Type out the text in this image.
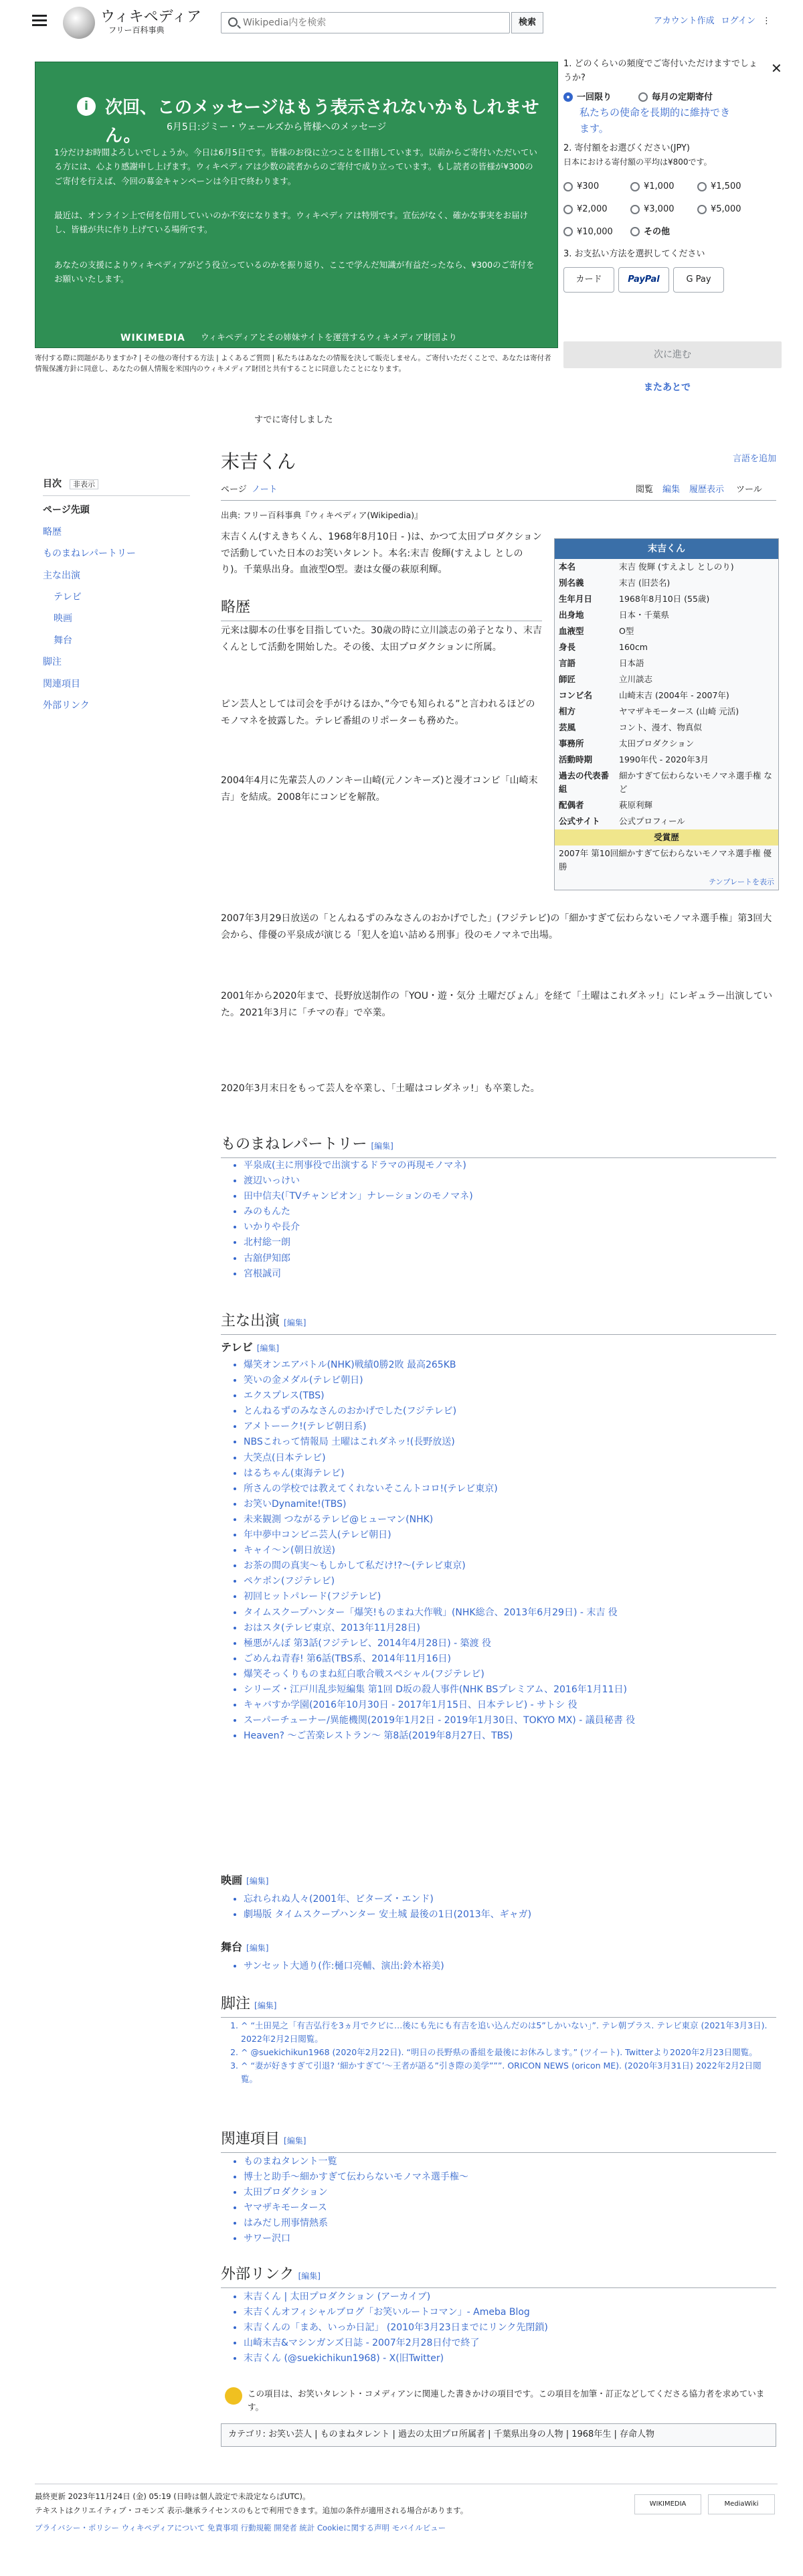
ウィキペディア
フリー百科事典
Wikipedia内を検索
検索	アカウント作成 ログイン ⋮
i 次回、このメッセージはもう表示されないかもしれません。	6月5日:ジミー・ウェールズから皆様へのメッセージ
1分だけお時間よろしいでしょうか。今日は6月5日です。皆様のお役に立つことを目指しています。以前からご寄付いただいている方には、心より感謝申し上げます。ウィキペディアは少数の読者からのご寄付で成り立っています。もし読者の皆様が¥300のご寄付を行えば、今回の募金キャンペーンは今日で終わります。
最近は、オンライン上で何を信用していいのか不安になります。ウィキペディアは特別です。宣伝がなく、確かな事実をお届けし、皆様が共に作り上げている場所です。
あなたの支援によりウィキペディアがどう役立っているのかを振り返り、ここで学んだ知識が有益だったなら、¥300のご寄付をお願いいたします。
WIKIMEDIA ウィキペディアとその姉妹サイトを運営するウィキメディア財団より
✕
1. どのくらいの頻度でご寄付いただけますでしょうか?
一回限り	毎月の定期寄付
私たちの使命を長期的に維持できます。
2. 寄付額をお選びください(JPY)
日本における寄付額の平均は¥800です。
¥300	¥1,000	¥1,500
¥2,000	¥3,000	¥5,000
¥10,000	その他
3. お支払い方法を選択してください
カード	PayPal	G Pay
次に進む
またあとで
寄付する際に問題がありますか? | その他の寄付する方法 | よくあるご質問 | 私たちはあなたの情報を決して販売しません。ご寄付いただくことで、あなたは寄付者情報保護方針に同意し、あなたの個人情報を米国内のウィキメディア財団と共有することに同意したことになります。
すでに寄付しました
目次 非表示
ページ先頭
略歴
ものまねレパートリー
主な出演
テレビ
映画
舞台
脚注
関連項目
外部リンク
末吉くん	言語を追加
ページ ノート	閲覧 編集 履歴表示 ツール
出典: フリー百科事典『ウィキペディア(Wikipedia)』
末吉くん(すえきちくん、1968年8月10日 - )は、かつて太田プロダクションで活動していた日本のお笑いタレント。本名:末吉 俊輝(すえよし としのり)。千葉県出身。血液型O型。妻は女優の萩原利輝。
略歴
元来は脚本の仕事を目指していた。30歳の時に立川談志の弟子となり、末吉くんとして活動を開始した。その後、太田プロダクションに所属。
ピン芸人としては司会を手がけるほか、”今でも知られる”と言われるほどのモノマネを披露した。テレビ番組のリポーターも務めた。
2004年4月に先輩芸人のノンキー山崎(元ノンキーズ)と漫才コンビ「山崎末吉」を結成。2008年にコンビを解散。
2007年3月29日放送の「とんねるずのみなさんのおかげでした」(フジテレビ)の「細かすぎて伝わらないモノマネ選手権」第3回大会から、俳優の平泉成が演じる「犯人を追い詰める刑事」役のモノマネで出場。
2001年から2020年まで、長野放送制作の「YOU・遊・気分 土曜だびょん」を経て「土曜はこれダネッ!」にレギュラー出演していた。2021年3月に「チマの春」で卒業。
2020年3月末日をもって芸人を卒業し、「土曜はコレダネッ!」も卒業した。
末吉くん	
本名	末吉 俊輝 (すえよし としのり)
別名義	末吉 (旧芸名)
生年月日	1968年8月10日 (55歳)
出身地	日本・千葉県
血液型	O型
身長	160cm
言語	日本語
師匠	立川談志
コンビ名	山崎末吉 (2004年 - 2007年)
相方	ヤマザキモータース (山崎 元活)
芸風	コント、漫才、物真似
事務所	太田プロダクション
活動時期	1990年代 - 2020年3月
過去の代表番組	細かすぎて伝わらないモノマネ選手権 など
配偶者	萩原利輝
公式サイト	公式プロフィール
受賞歴	
2007年 第10回細かすぎて伝わらないモノマネ選手権 優勝	
テンプレートを表示	
ものまねレパートリー [編集]
• 平泉成(主に刑事役で出演するドラマの再現モノマネ)
• 渡辺いっけい
• 田中信夫(「TVチャンピオン」ナレーションのモノマネ)
• みのもんた
• いかりや長介
• 北村総一朗
• 古舘伊知郎
• 宮根誠司
主な出演 [編集]
テレビ [編集]
• 爆笑オンエアバトル(NHK)戦績0勝2敗 最高265KB
• 笑いの金メダル(テレビ朝日)
• エクスプレス(TBS)
• とんねるずのみなさんのおかげでした(フジテレビ)
• アメトーーク!(テレビ朝日系)
• NBSこれって情報局 土曜はこれダネッ!(長野放送)
• 大笑点(日本テレビ)
• はるちゃん(東海テレビ)
• 所さんの学校では教えてくれないそこんトコロ!(テレビ東京)
• お笑いDynamite!(TBS)
• 未来観測 つながるテレビ@ヒューマン(NHK)
• 年中夢中コンビニ芸人(テレビ朝日)
• キャイ〜ン(朝日放送)
• お茶の間の真実〜もしかして私だけ!?〜(テレビ東京)
• ペケポン(フジテレビ)
• 初回ヒットパレード(フジテレビ)
• タイムスクープハンター「爆笑!ものまね大作戦」(NHK総合、2013年6月29日) - 末吉 役
• おはスタ(テレビ東京、2013年11月28日)
• 極悪がんぼ 第3話(フジテレビ、2014年4月28日) - 築渡 役
• ごめんね青春! 第6話(TBS系、2014年11月16日)
• 爆笑そっくりものまね紅白歌合戦スペシャル(フジテレビ)
• シリーズ・江戸川乱歩短編集 第1回 D坂の殺人事件(NHK BSプレミアム、2016年1月11日)
• キャバすか学園(2016年10月30日 - 2017年1月15日、日本テレビ) - サトシ 役
• スーパーチューナー/異能機関(2019年1月2日 - 2019年1月30日、TOKYO MX) - 議員秘書 役
• Heaven? 〜ご苦楽レストラン〜 第8話(2019年8月27日、TBS)
映画 [編集]
• 忘れられぬ人々(2001年、ビターズ・エンド)
• 劇場版 タイムスクープハンター 安土城 最後の1日(2013年、ギャガ)
舞台 [編集]
• サンセット大通り(作:樋口亮輔、演出:鈴木裕美)
脚注 [編集]
1. ^ “土田晃之「有吉弘行を3ヵ月でクビに…後にも先にも有吉を追い込んだのは5”しかいない」”. テレ朝プラス. テレビ東京 (2021年3月3日). 2022年2月2日閲覧。
2. ^ @suekichikun1968 (2020年2月22日). “明日の長野県の番組を最後にお休みします。” (ツイート). Twitterより2020年2月23日閲覧。
3. ^ “妻が好きすぎて引退? ‘細かすぎて’〜王者が語る”引き際の美学”””. ORICON NEWS (oricon ME). (2020年3月31日) 2022年2月2日閲覧。
関連項目 [編集]
• ものまねタレント一覧
• 博士と助手〜細かすぎて伝わらないモノマネ選手権〜
• 太田プロダクション
• ヤマザキモータース
• はみだし刑事情熱系
• サワー沢口
外部リンク [編集]
• 末吉くん | 太田プロダクション (アーカイブ)
• 末吉くんオフィシャルブログ「お笑いルートコマン」- Ameba Blog
• 末吉くんの「まあ、いっか日記」 (2010年3月23日までにリンク先閉鎖)
• 山崎末吉&マシンガンズ日誌 - 2007年2月28日付で終了
• 末吉くん (@suekichikun1968) - X(旧Twitter)
この項目は、お笑いタレント・コメディアンに関連した書きかけの項目です。この項目を加筆・訂正などしてくださる協力者を求めています。
カテゴリ: お笑い芸人 | ものまねタレント | 過去の太田プロ所属者 | 千葉県出身の人物 | 1968年生 | 存命人物
最終更新 2023年11月24日 (金) 05:19 (日時は個人設定で未設定ならばUTC)。
テキストはクリエイティブ・コモンズ 表示-継承ライセンスのもとで利用できます。追加の条件が適用される場合があります。
プライバシー・ポリシー ウィキペディアについて 免責事項 行動規範 開発者 統計 Cookieに関する声明 モバイルビュー
WIKIMEDIA	MediaWiki
